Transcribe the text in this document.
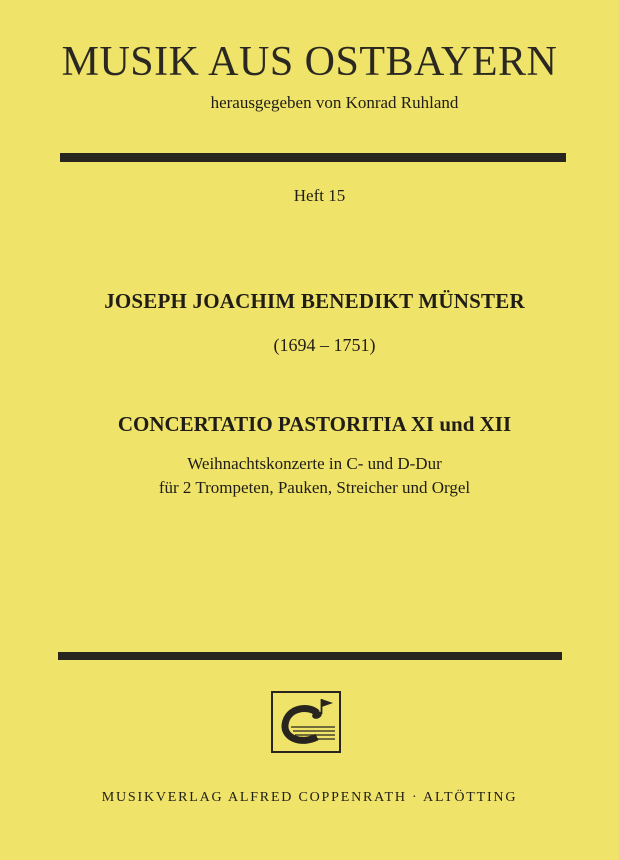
MUSIK AUS OSTBAYERN
herausgegeben von Konrad Ruhland
Heft 15
JOSEPH JOACHIM BENEDIKT MÜNSTER
(1694 – 1751)
CONCERTATIO PASTORITIA XI und XII
Weihnachtskonzerte in C- und D-Dur
für 2 Trompeten, Pauken, Streicher und Orgel
MUSIKVERLAG ALFRED COPPENRATH · ALTÖTTING
